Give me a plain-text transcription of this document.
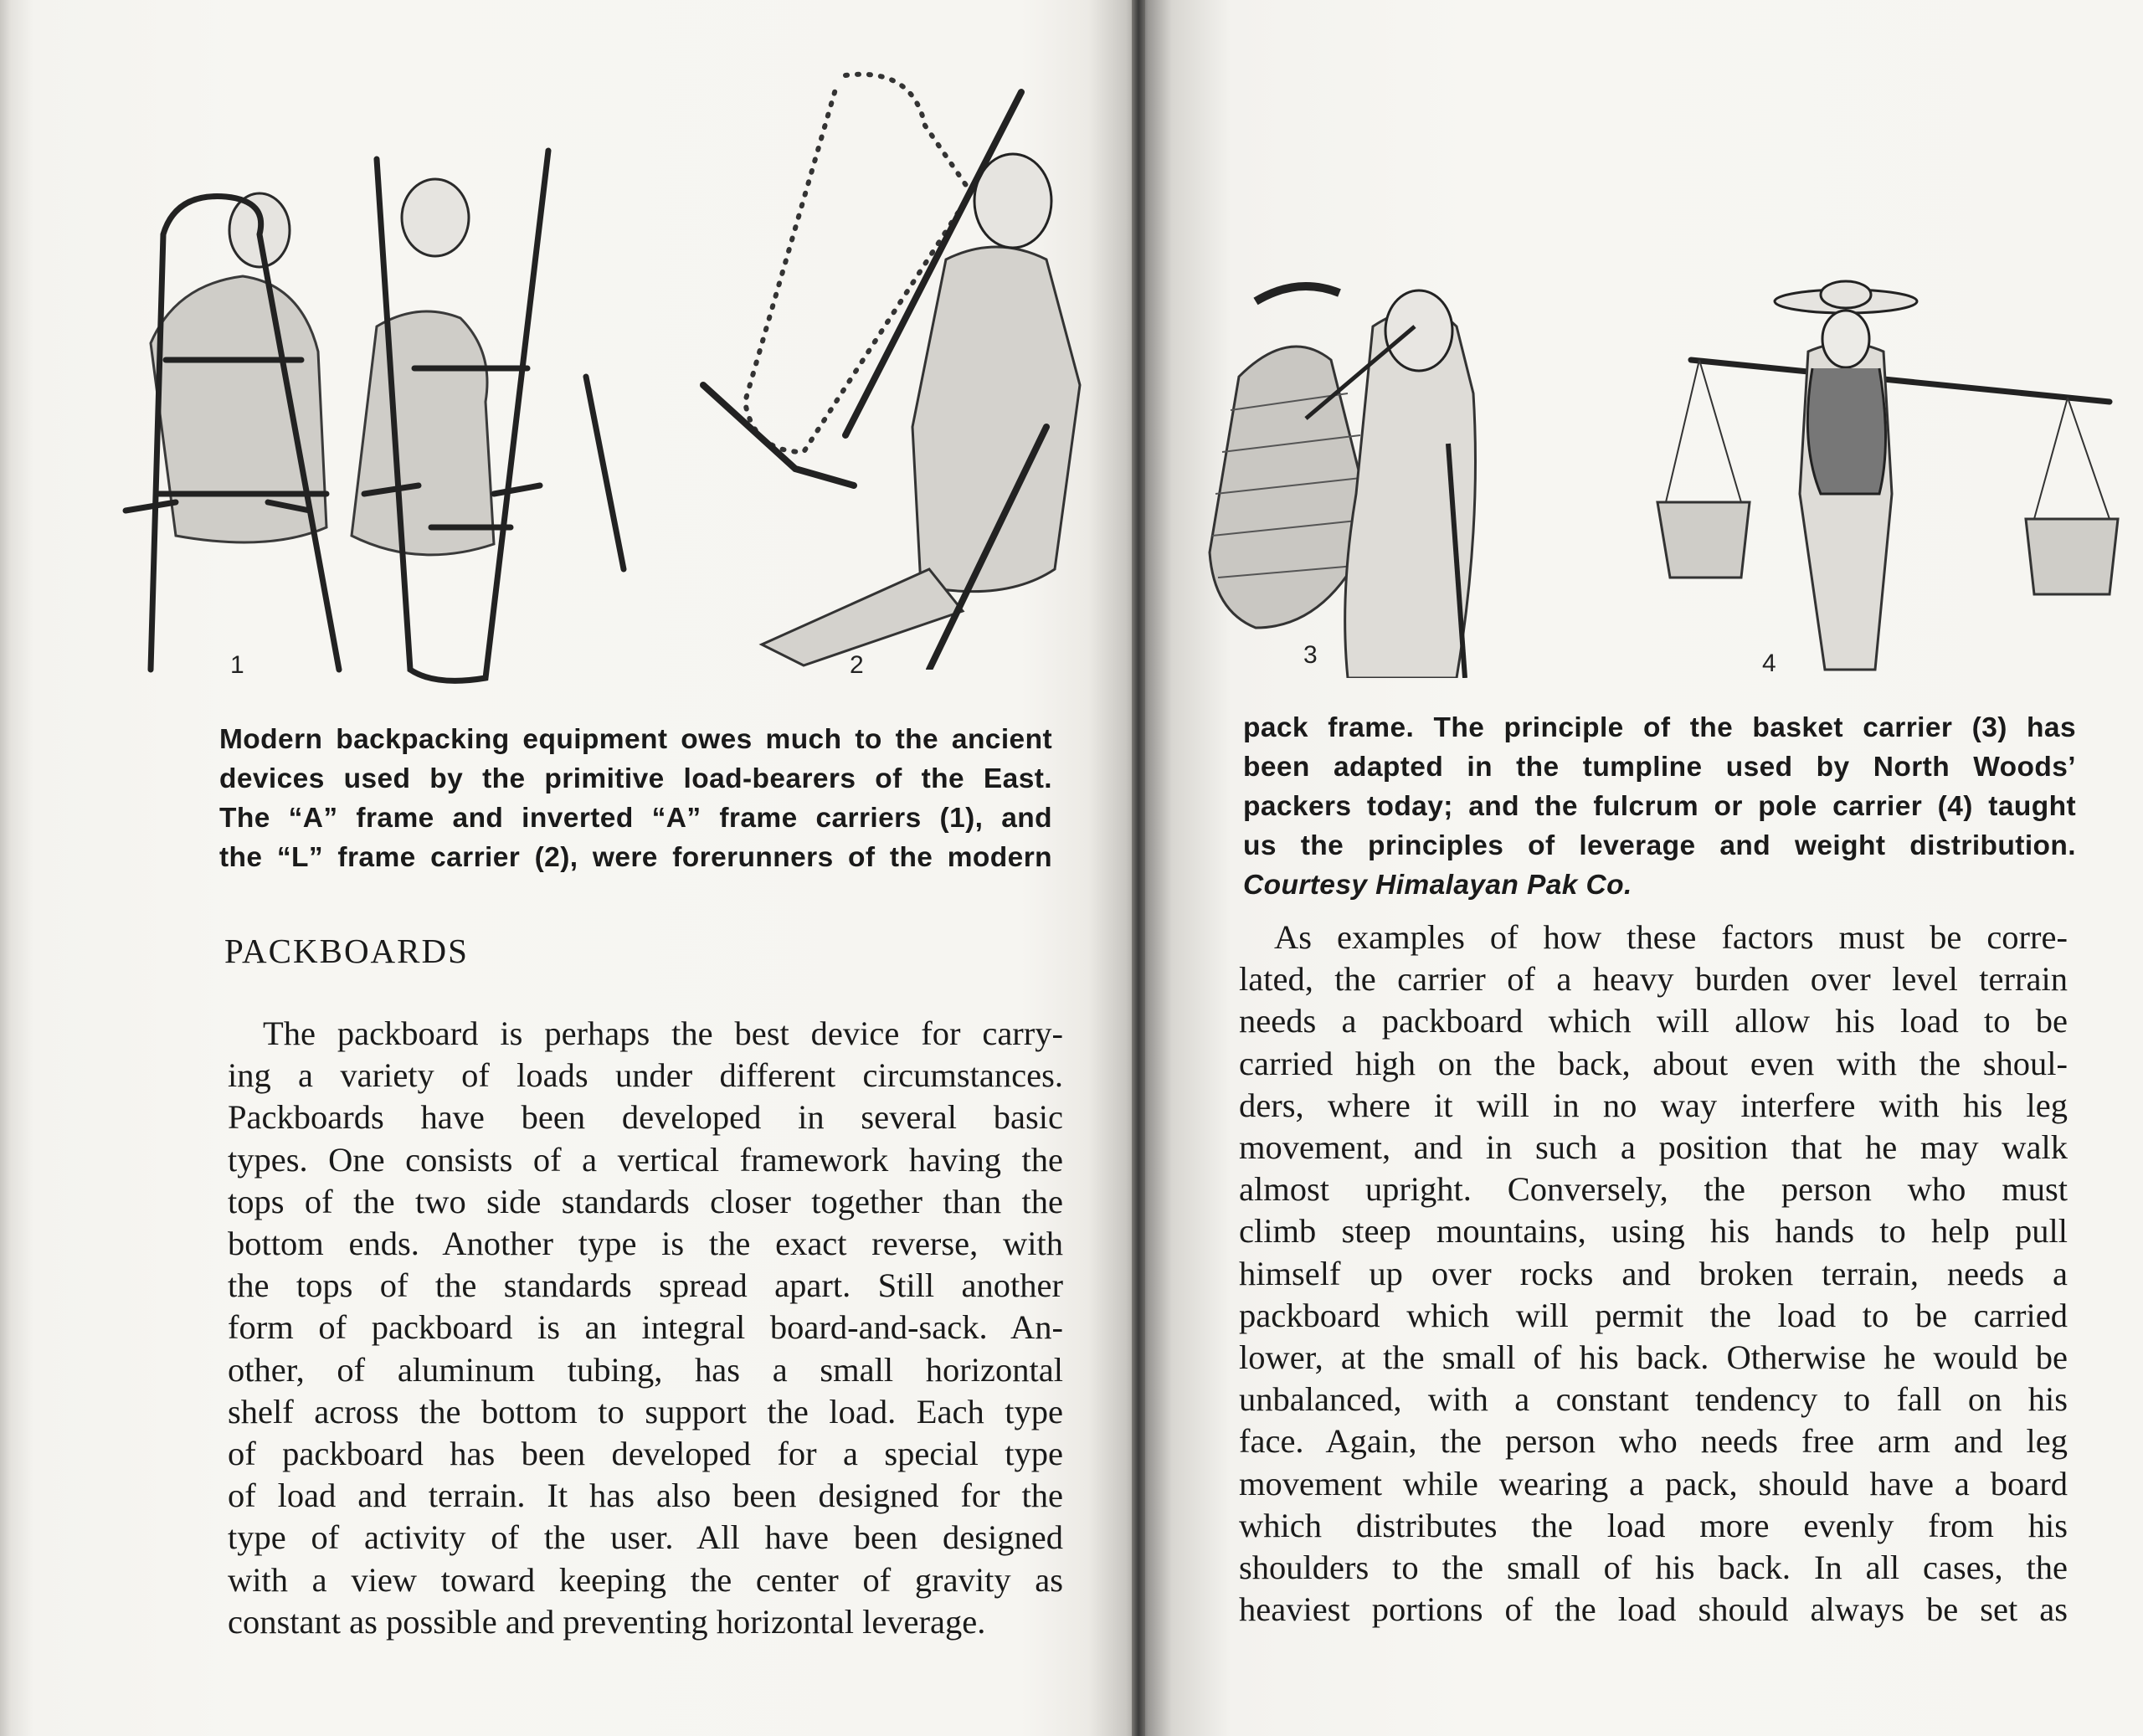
1	2
Modern backpacking equipment owes much to the ancient
devices used by the primitive load-bearers of the East.
The “A” frame and inverted “A” frame carriers (1), and
the “L” frame carrier (2), were forerunners of the modern
PACKBOARDS
The packboard is perhaps the best device for carry-
ing a variety of loads under different circumstances.
Packboards have been developed in several basic
types. One consists of a vertical framework having the
tops of the two side standards closer together than the
bottom ends. Another type is the exact reverse, with
the tops of the standards spread apart. Still another
form of packboard is an integral board-and-sack. An-
other, of aluminum tubing, has a small horizontal
shelf across the bottom to support the load. Each type
of packboard has been developed for a special type
of load and terrain. It has also been designed for the
type of activity of the user. All have been designed
with a view toward keeping the center of gravity as
constant as possible and preventing horizontal leverage.
3	4
pack frame. The principle of the basket carrier (3) has
been adapted in the tumpline used by North Woods’
packers today; and the fulcrum or pole carrier (4) taught
us the principles of leverage and weight distribution.
Courtesy Himalayan Pak Co.
As examples of how these factors must be corre-
lated, the carrier of a heavy burden over level terrain
needs a packboard which will allow his load to be
carried high on the back, about even with the shoul-
ders, where it will in no way interfere with his leg
movement, and in such a position that he may walk
almost upright. Conversely, the person who must
climb steep mountains, using his hands to help pull
himself up over rocks and broken terrain, needs a
packboard which will permit the load to be carried
lower, at the small of his back. Otherwise he would be
unbalanced, with a constant tendency to fall on his
face. Again, the person who needs free arm and leg
movement while wearing a pack, should have a board
which distributes the load more evenly from his
shoulders to the small of his back. In all cases, the
heaviest portions of the load should always be set as
